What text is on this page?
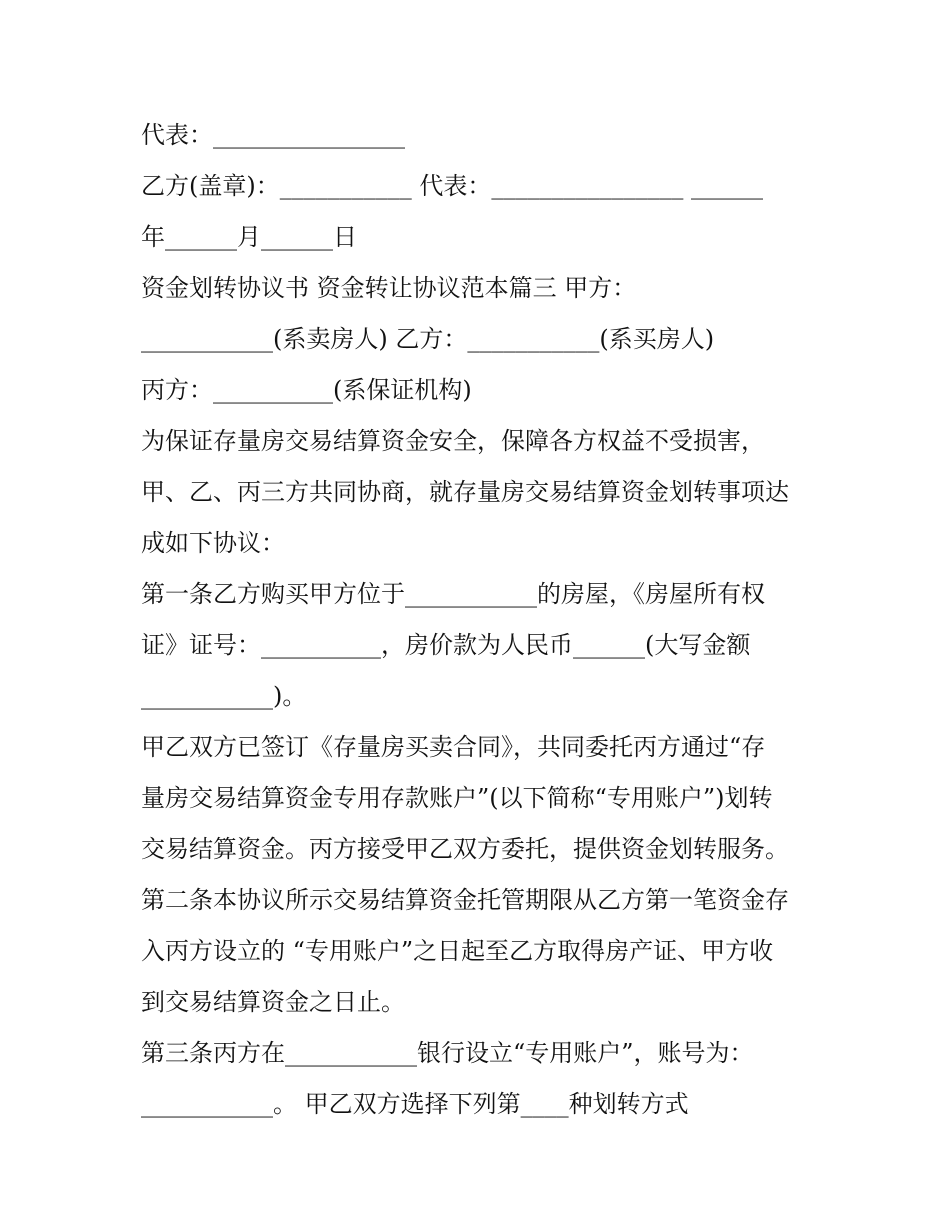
代表：________________
乙方(盖章)：___________ 代表：________________ ______
年______月______日
资金划转协议书 资金转让协议范本篇三 甲方：
___________(系卖房人) 乙方：___________(系买房人)
丙方：__________(系保证机构)
为保证存量房交易结算资金安全，保障各方权益不受损害，
甲、乙、丙三方共同协商，就存量房交易结算资金划转事项达
成如下协议：
第一条乙方购买甲方位于___________的房屋，《房屋所有权
证》证号：__________，房价款为人民币______(大写金额
___________)。
甲乙双方已签订《存量房买卖合同》，共同委托丙方通过“存
量房交易结算资金专用存款账户”(以下简称“专用账户”)划转
交易结算资金。丙方接受甲乙双方委托，提供资金划转服务。
第二条本协议所示交易结算资金托管期限从乙方第一笔资金存
入丙方设立的 “专用账户”之日起至乙方取得房产证、甲方收
到交易结算资金之日止。
第三条丙方在___________银行设立“专用账户”，账号为：
___________。 甲乙双方选择下列第____种划转方式
